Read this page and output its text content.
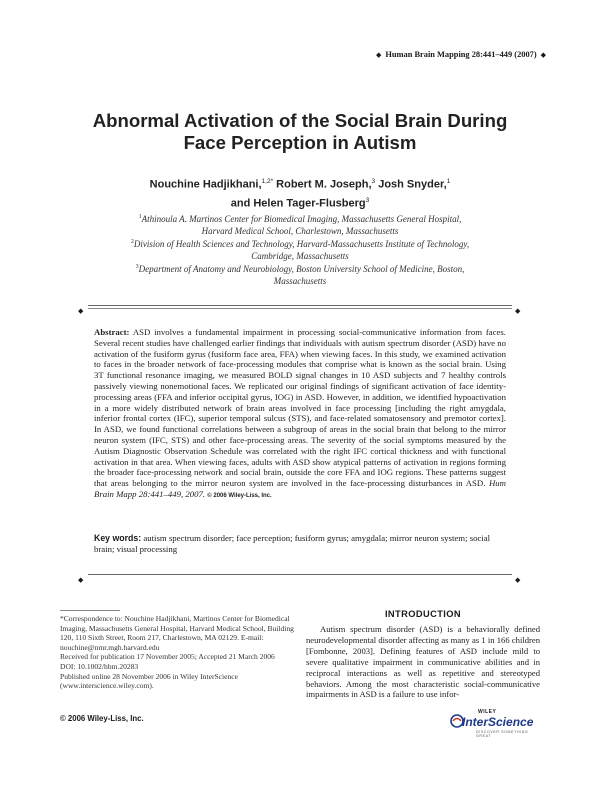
◆ Human Brain Mapping 28:441–449 (2007) ◆
Abnormal Activation of the Social Brain During
Face Perception in Autism
Nouchine Hadjikhani,$^{1,2*}$ Robert M. Joseph,$^3$ Josh Snyder,$^1$
and Helen Tager-Flusberg$^3$
$^1$Athinoula A. Martinos Center for Biomedical Imaging, Massachusetts General Hospital,
Harvard Medical School, Charlestown, Massachusetts
$^2$Division of Health Sciences and Technology, Harvard-Massachusetts Institute of Technology,
Cambridge, Massachusetts
$^3$Department of Anatomy and Neurobiology, Boston University School of Medicine, Boston,
Massachusetts
◆	◆
Abstract: ASD involves a fundamental impairment in processing social-communicative information from faces. Several recent studies have challenged earlier findings that individuals with autism spectrum disorder (ASD) have no activation of the fusiform gyrus (fusiform face area, FFA) when viewing faces. In this study, we examined activation to faces in the broader network of face-processing modules that comprise what is known as the social brain. Using 3T functional resonance imaging, we measured BOLD signal changes in 10 ASD subjects and 7 healthy controls passively viewing nonemotional faces. We replicated our original findings of significant activation of face identity-processing areas (FFA and inferior occipital gyrus, IOG) in ASD. However, in addition, we identified hypoactivation in a more widely distributed network of brain areas involved in face processing [including the right amygdala, inferior frontal cortex (IFC), superior temporal sulcus (STS), and face-related somatosensory and premotor cortex]. In ASD, we found functional correlations between a subgroup of areas in the social brain that belong to the mirror neuron system (IFC, STS) and other face-processing areas. The severity of the social symptoms measured by the Autism Diagnostic Observation Schedule was correlated with the right IFC cortical thickness and with functional activation in that area. When viewing faces, adults with ASD show atypical patterns of activation in regions forming the broader face-processing network and social brain, outside the core FFA and IOG regions. These patterns suggest that areas belonging to the mirror neuron system are involved in the face-processing disturbances in ASD. Hum Brain Mapp 28:441–449, 2007. © 2006 Wiley-Liss, Inc.
Key words: autism spectrum disorder; face perception; fusiform gyrus; amygdala; mirror neuron system; social brain; visual processing
◆	◆

*Correspondence to: Nouchine Hadjikhani, Martinos Center for Biomedical Imaging, Massachusetts General Hospital, Harvard Medical School, Building 120, 110 Sixth Street, Room 217, Charlestown, MA 02129. E-mail: nouchine@nmr.mgh.harvard.edu

Received for publication 17 November 2005; Accepted 21 March 2006

DOI: 10.1002/hbm.20283

Published online 28 November 2006 in Wiley InterScience (www.interscience.wiley.com).

© 2006 Wiley-Liss, Inc.
INTRODUCTION
Autism spectrum disorder (ASD) is a behaviorally defined neurodevelopmental disorder affecting as many as 1 in 166 children [Fombonne, 2003]. Defining features of ASD include mild to severe qualitative impairment in communicative abilities and in reciprocal interactions as well as repetitive and stereotyped behaviors. Among the most characteristic social-communicative impairments in ASD is a failure to use infor-
WILEY
InterScience
DISCOVER SOMETHING GREAT
